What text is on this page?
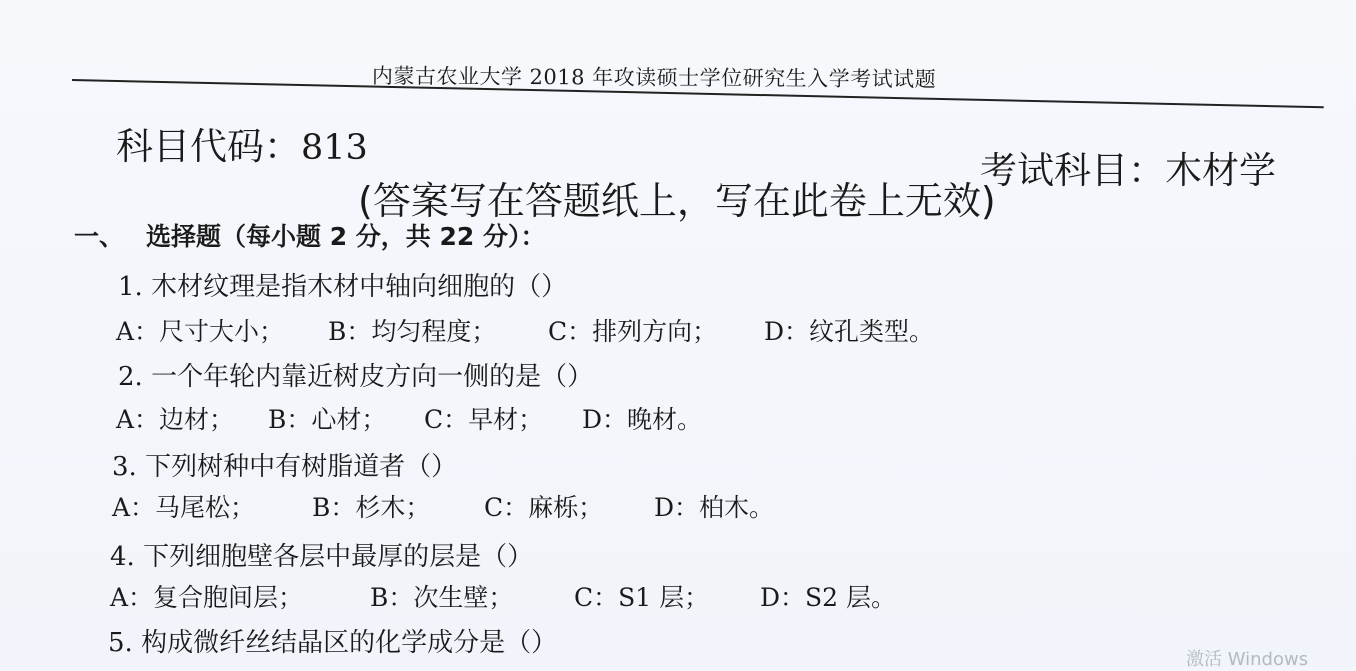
内蒙古农业大学 2018 年攻读硕士学位研究生入学考试试题
科目代码：813
考试科目：木材学
(答案写在答题纸上，写在此卷上无效)
一、 选择题（每小题 2 分，共 22 分）：
1. 木材纹理是指木材中轴向细胞的（）
A：尺寸大小； B：均匀程度； C：排列方向； D：纹孔类型。
2. 一个年轮内靠近树皮方向一侧的是（）
A：边材； B：心材； C：早材； D：晚材。
3. 下列树种中有树脂道者（）
A：马尾松； B：杉木； C：麻栎； D：柏木。
4. 下列细胞壁各层中最厚的层是（）
A：复合胞间层；	B：次生壁； C：S1 层； D：S2 层。
5. 构成微纤丝结晶区的化学成分是（）
激活 Windows
